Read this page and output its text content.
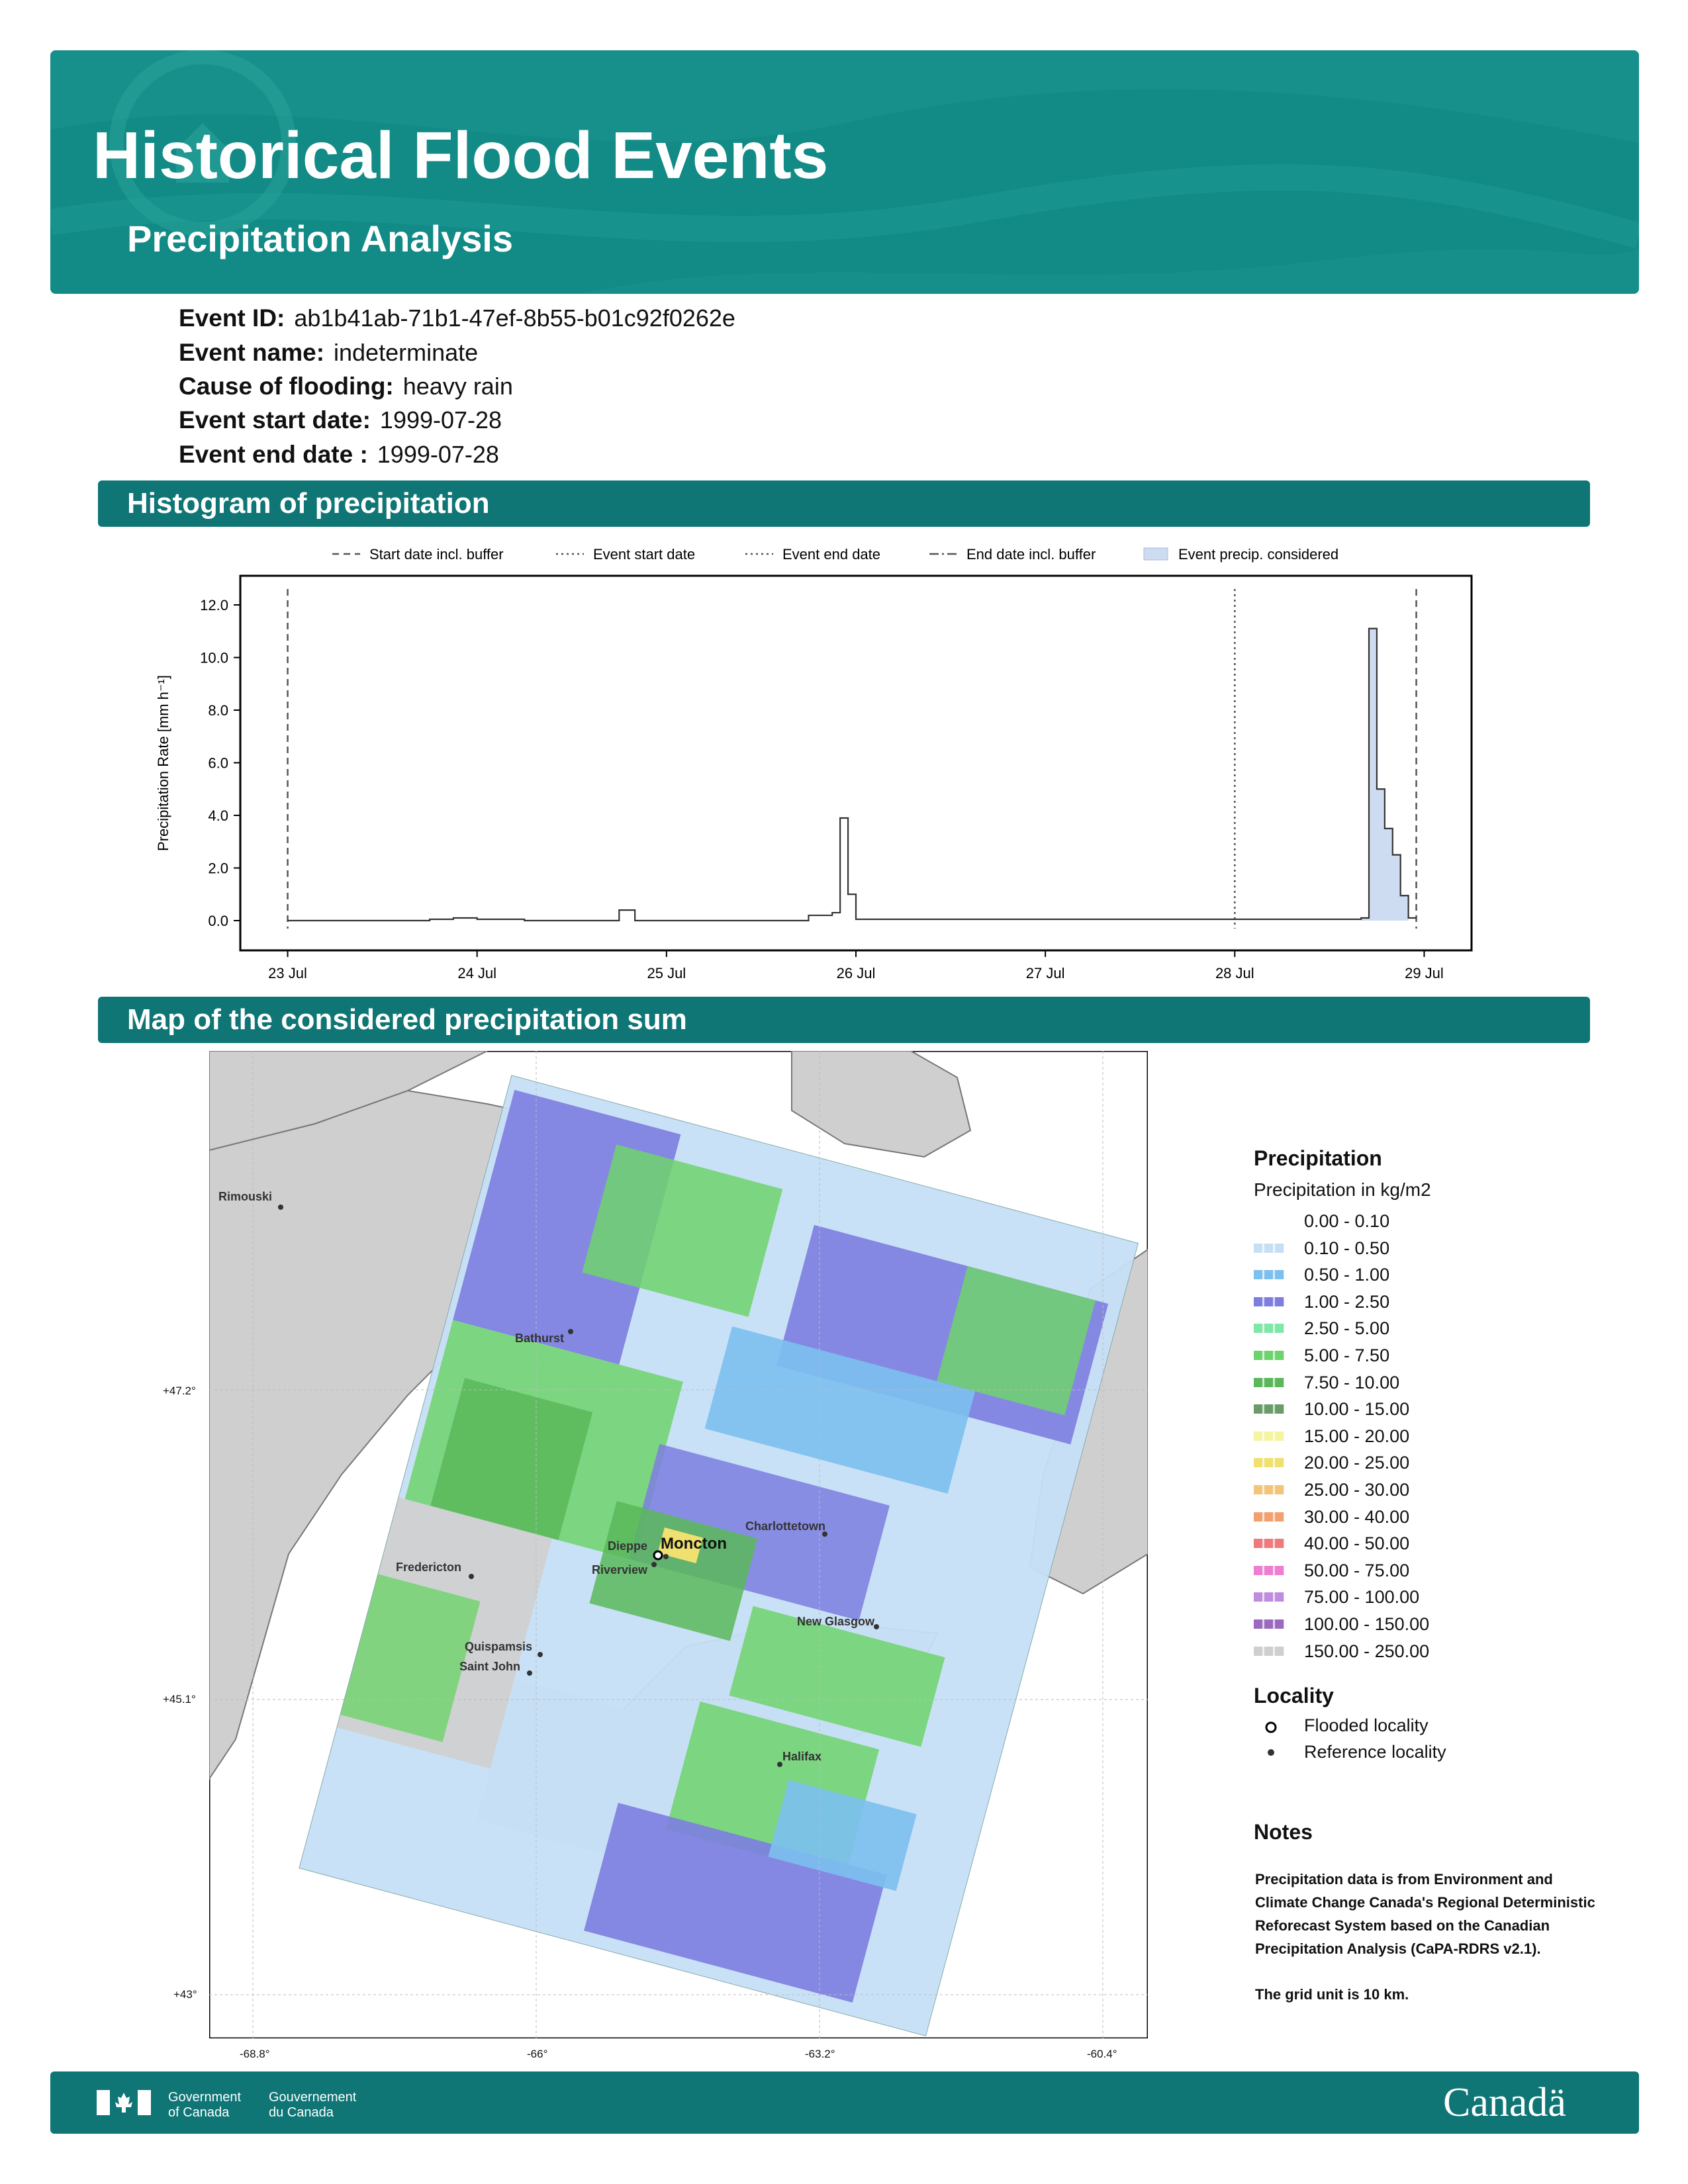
Historical Flood Events
Precipitation Analysis
Event ID: ab1b41ab-71b1-47ef-8b55-b01c92f0262e
Event name: indeterminate
Cause of flooding: heavy rain
Event start date: 1999-07-28
Event end date : 1999-07-28
Histogram of precipitation
Start date incl. buffer	Event start date	Event end date	End date incl. buffer	Event precip. considered
0.0
2.0
4.0
6.0
8.0
10.0
12.0
23 Jul	24 Jul	25 Jul	26 Jul	27 Jul	28 Jul	29 Jul
Precipitation Rate [mm h⁻¹]
Map of the considered precipitation sum
Rimouski
Bathurst
Charlottetown
Moncton
Dieppe
Riverview
Fredericton
New Glasgow
Quispamsis
Saint John
Halifax
-68.8°	-66°	-63.2°	-60.4°
+47.2°
+45.1°
+43°
Precipitation
Precipitation in kg/m2
0.00 - 0.10
0.10 - 0.50
0.50 - 1.00
1.00 - 2.50
2.50 - 5.00
5.00 - 7.50
7.50 - 10.00
10.00 - 15.00
15.00 - 20.00
20.00 - 25.00
25.00 - 30.00
30.00 - 40.00
40.00 - 50.00
50.00 - 75.00
75.00 - 100.00
100.00 - 150.00
150.00 - 250.00
Locality
Flooded locality
Reference locality
Notes
Precipitation data is from Environment and Climate Change Canada's Regional Deterministic Reforecast System based on the Canadian Precipitation Analysis (CaPA-RDRS v2.1).
The grid unit is 10 km.
Government
of Canada
Gouvernement
du Canada	Canadä
